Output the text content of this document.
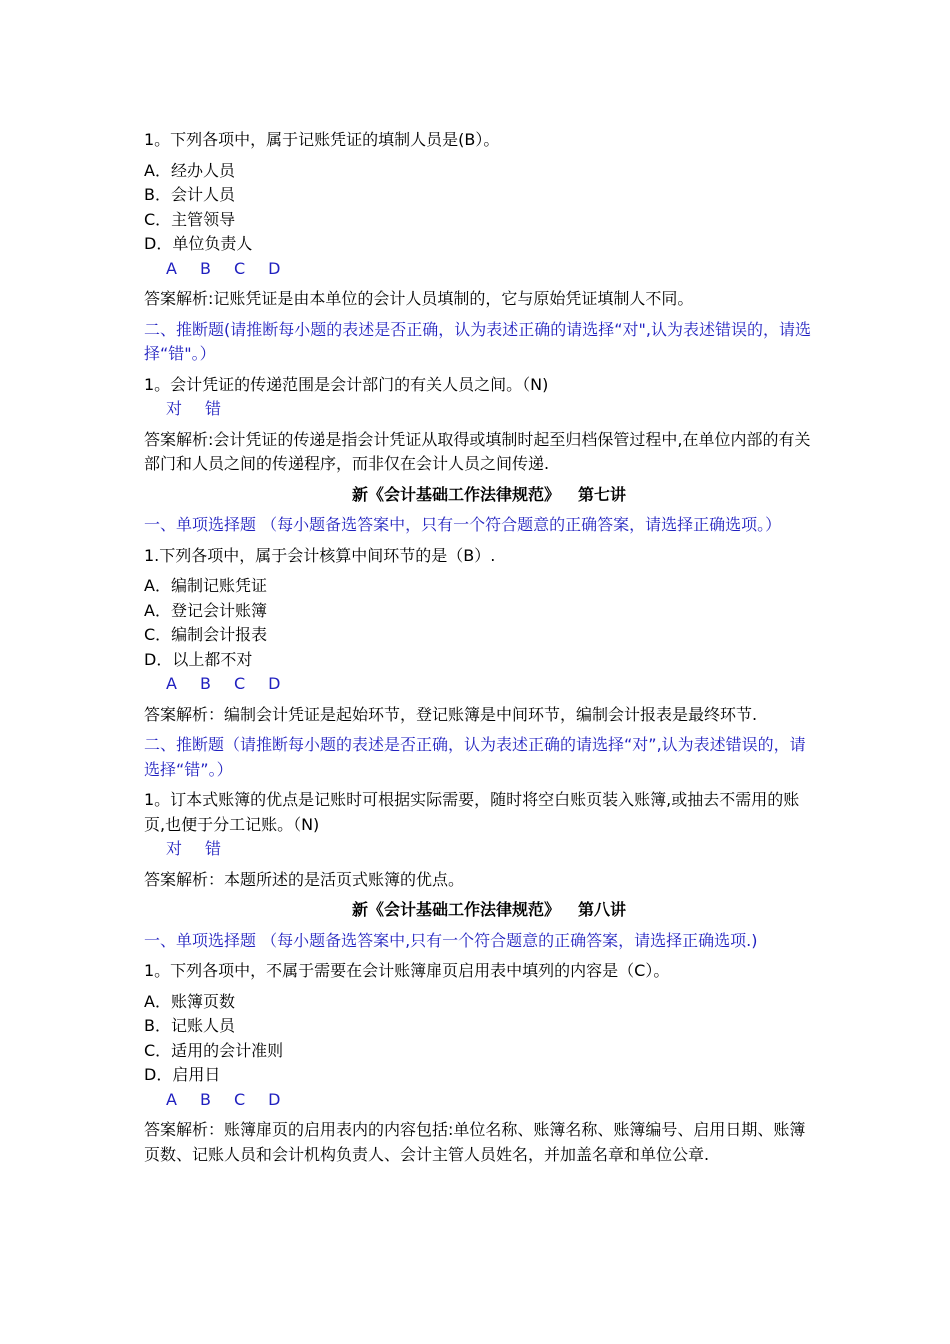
1。下列各项中，属于记账凭证的填制人员是(B）。
A．经办人员
B．会计人员
C．主管领导
D．单位负责人
A B C D
答案解析:记账凭证是由本单位的会计人员填制的，它与原始凭证填制人不同。
二、推断题(请推断每小题的表述是否正确，认为表述正确的请选择“对",认为表述错误的，请选择“错"。）
1。会计凭证的传递范围是会计部门的有关人员之间。（N)
对 错
答案解析:会计凭证的传递是指会计凭证从取得或填制时起至归档保管过程中,在单位内部的有关部门和人员之间的传递程序，而非仅在会计人员之间传递.
新《会计基础工作法律规范》 第七讲
一、单项选择题 （每小题备选答案中，只有一个符合题意的正确答案，请选择正确选项。）
1.下列各项中，属于会计核算中间环节的是（B）.
A．编制记账凭证
A．登记会计账簿
C．编制会计报表
D．以上都不对
A B C D
答案解析：编制会计凭证是起始环节，登记账簿是中间环节，编制会计报表是最终环节.
二、推断题（请推断每小题的表述是否正确，认为表述正确的请选择“对”,认为表述错误的，请选择“错”。）
1。订本式账簿的优点是记账时可根据实际需要，随时将空白账页装入账簿,或抽去不需用的账页,也便于分工记账。（N)
对 错
答案解析：本题所述的是活页式账簿的优点。
新《会计基础工作法律规范》 第八讲
一、单项选择题 （每小题备选答案中,只有一个符合题意的正确答案，请选择正确选项.)
1。下列各项中，不属于需要在会计账簿扉页启用表中填列的内容是（C）。
A．账簿页数
B．记账人员
C．适用的会计准则
D．启用日
A B C D
答案解析：账簿扉页的启用表内的内容包括:单位名称、账簿名称、账簿编号、启用日期、账簿页数、记账人员和会计机构负责人、会计主管人员姓名，并加盖名章和单位公章.
